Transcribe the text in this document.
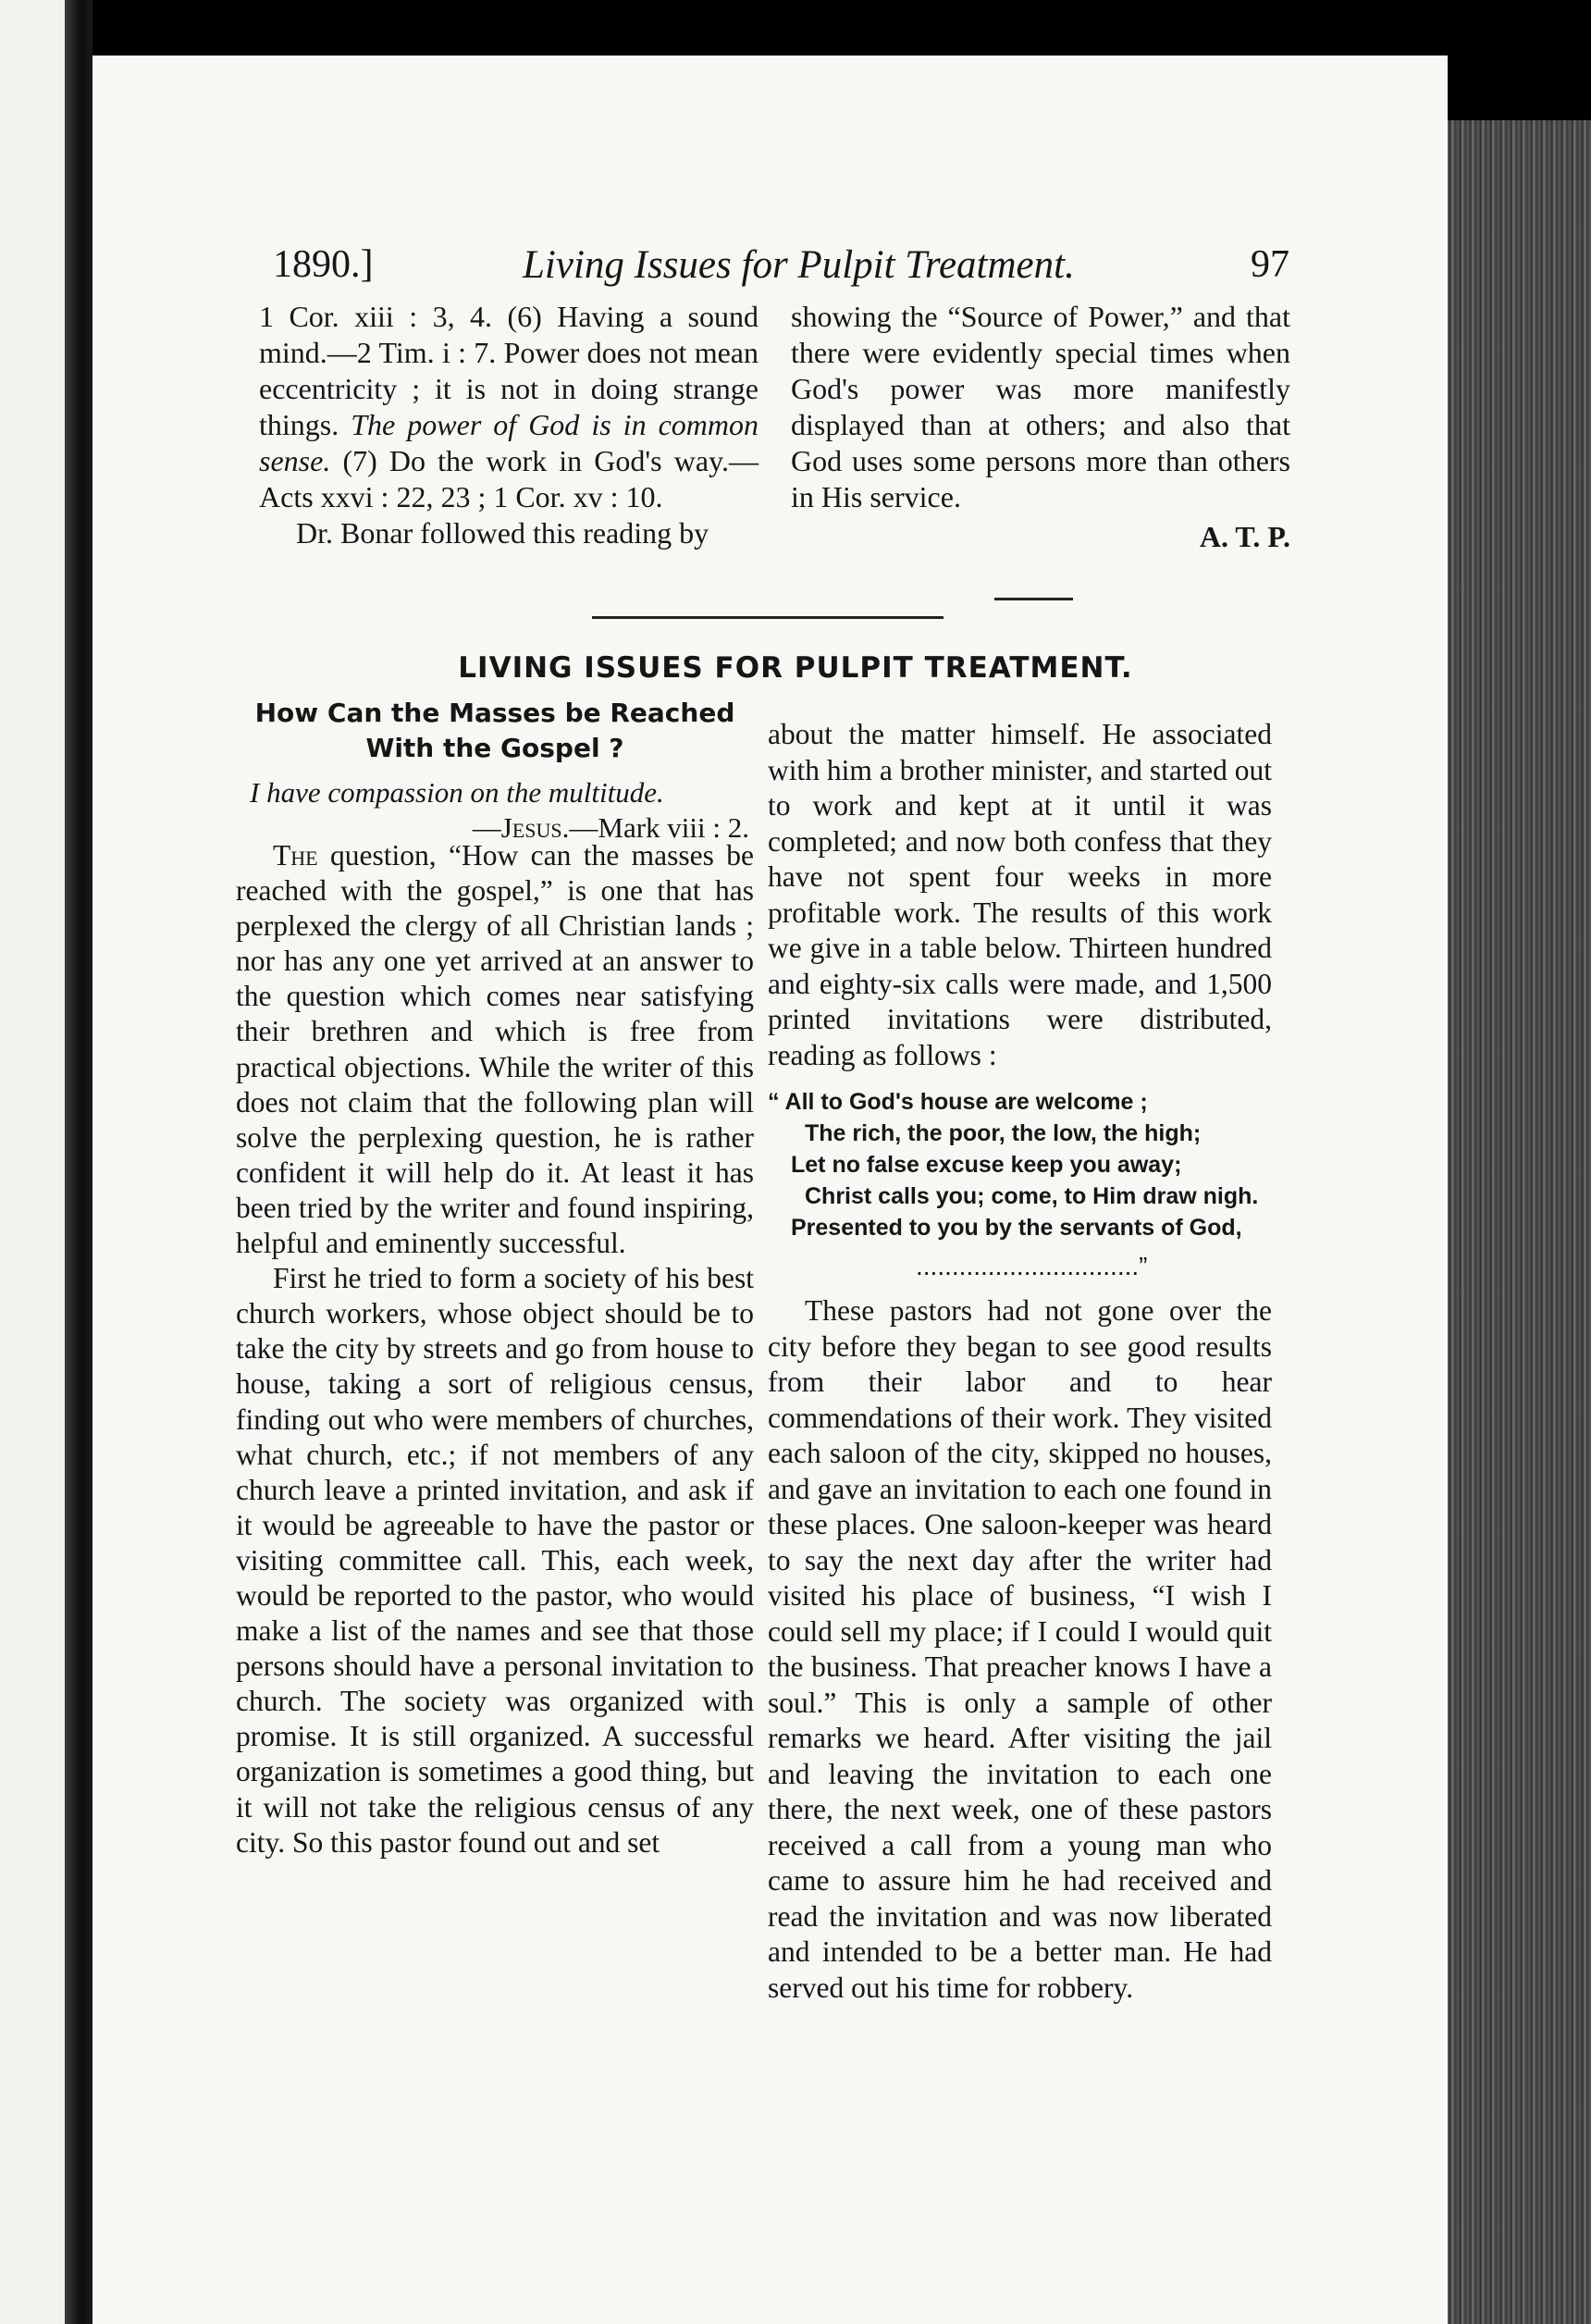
1890.]	Living Issues for Pulpit Treatment.	97

1 Cor. xiii : 3, 4. (6) Having a sound mind.—2 Tim. i : 7. Power does not mean eccentricity ; it is not in doing strange things. The power of God is in common sense. (7) Do the work in God's way.—Acts xxvi : 22, 23 ; 1 Cor. xv : 10.

Dr. Bonar followed this reading by

showing the “Source of Power,” and that there were evidently special times when God's power was more manifestly displayed than at others; and also that God uses some persons more than others in His service.

A. T. P.

LIVING ISSUES FOR PULPIT TREATMENT.
How Can the Masses be Reached With the Gospel ?
I have compassion on the multitude.
—Jesus.—Mark viii : 2.

The question, “How can the masses be reached with the gospel,” is one that has perplexed the clergy of all Christian lands ; nor has any one yet arrived at an answer to the question which comes near satisfying their brethren and which is free from practical objections. While the writer of this does not claim that the following plan will solve the perplexing question, he is rather confident it will help do it. At least it has been tried by the writer and found inspiring, helpful and eminently successful.

First he tried to form a society of his best church workers, whose object should be to take the city by streets and go from house to house, taking a sort of religious census, finding out who were members of churches, what church, etc.; if not members of any church leave a printed invitation, and ask if it would be agreeable to have the pastor or visiting committee call. This, each week, would be reported to the pastor, who would make a list of the names and see that those persons should have a personal invitation to church. The society was organized with promise. It is still organized. A successful organization is sometimes a good thing, but it will not take the religious census of any city. So this pastor found out and set

about the matter himself. He associated with him a brother minister, and started out to work and kept at it until it was completed; and now both confess that they have not spent four weeks in more profitable work. The results of this work we give in a table below. Thirteen hundred and eighty-six calls were made, and 1,500 printed invitations were distributed, reading as follows :

“ All to God's house are welcome ;
The rich, the poor, the low, the high;
Let no false excuse keep you away;
Christ calls you; come, to Him draw nigh.
Presented to you by the servants of God,
...............................”

These pastors had not gone over the city before they began to see good results from their labor and to hear commendations of their work. They visited each saloon of the city, skipped no houses, and gave an invitation to each one found in these places. One saloon-keeper was heard to say the next day after the writer had visited his place of business, “I wish I could sell my place; if I could I would quit the business. That preacher knows I have a soul.” This is only a sample of other remarks we heard. After visiting the jail and leaving the invitation to each one there, the next week, one of these pastors received a call from a young man who came to assure him he had received and read the invitation and was now liberated and intended to be a better man. He had served out his time for robbery.
